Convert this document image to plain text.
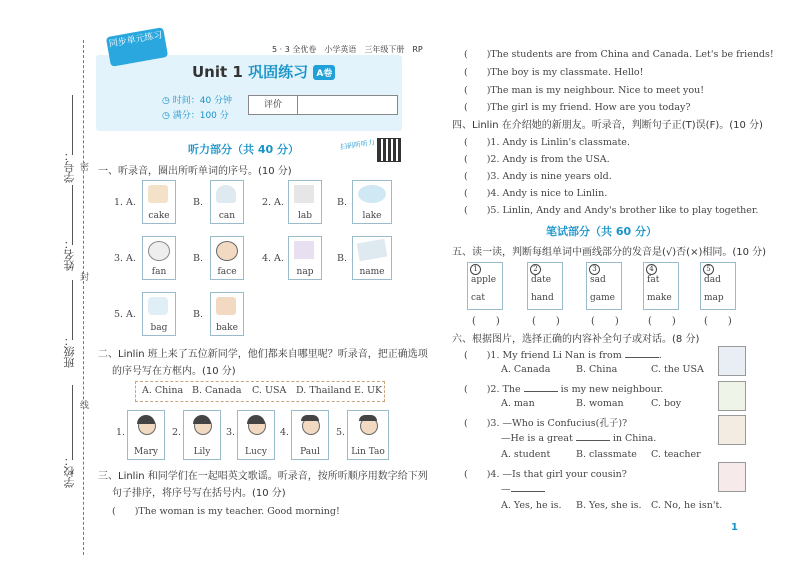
学号：
姓名：
班级：
学校：
密
封
线
5 · 3 全优卷　小学英语　三年级下册　RP
Unit 1 巩固练习 A卷
◷ 时间：40 分钟
◷ 满分：100 分
评价
同步单元练习
扫码听听力
听力部分（共 40 分）
一、听录音，圈出所听单词的序号。(10 分)
1. A.
cake
B.
can
2. A.
lab
B.
lake
3. A.
fan
B.
face
4. A.
nap
B.
name
5. A.
bag
B.
bake
二、Linlin 班上来了五位新同学，他们都来自哪里呢？听录音，把正确选项
的序号写在方框内。(10 分)
A. China B. Canada C. USA D. Thailand E. UK
1.
Mary
2.
Lily
3.
Lucy
4.
Paul
5.
Lin Tao
三、Linlin 和同学们在一起唱英文歌谣。听录音，按所听顺序用数字给下列
句子排序，将序号写在括号内。(10 分)
(　　)The woman is my teacher. Good morning!
(　　)The students are from China and Canada. Let's be friends!
(　　)The boy is my classmate. Hello!
(　　)The man is my neighbour. Nice to meet you!
(　　)The girl is my friend. How are you today?
四、Linlin 在介绍她的新朋友。听录音，判断句子正(T)误(F)。(10 分)
(　　)1. Andy is Linlin's classmate.
(　　)2. Andy is from the USA.
(　　)3. Andy is nine years old.
(　　)4. Andy is nice to Linlin.
(　　)5. Linlin, Andy and Andy's brother like to play together.
笔试部分（共 60 分）
五、读一读，判断每组单词中画线部分的发音是(√)否(×)相同。(10 分)
1
apple
cat
(　　)
2
date
hand
(　　)
3
sad
game
(　　)
4
fat
make
(　　)
5
dad
map
(　　)
六、根据图片，选择正确的内容补全句子或对话。(8 分)
(　　)1. My friend Li Nan is from	.
A. Canada	B. China	C. the USA
(　　)2. The	is my new neighbour.
A. man	B. woman	C. boy
(　　)3. —Who is Confucius(孔子)?
—He is a great	in China.
A. student	B. classmate C. teacher
(　　)4. —Is that girl your cousin?
—
A. Yes, he is. B. Yes, she is. C. No, he isn't.
1
